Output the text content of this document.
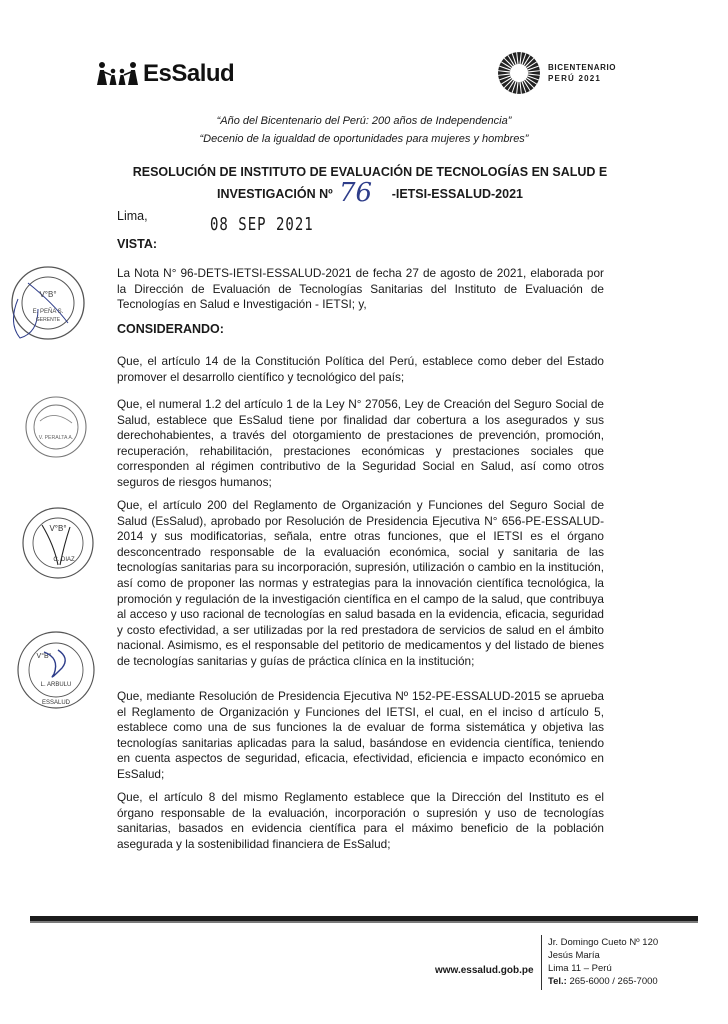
EsSalud	BICENTENARIO
PERÚ 2021
“Año del Bicentenario del Perú: 200 años de Independencia”
“Decenio de la igualdad de oportunidades para mujeres y hombres”
RESOLUCIÓN DE INSTITUTO DE EVALUACIÓN DE TECNOLOGÍAS EN SALUD E
INVESTIGACIÓN Nº	-IETSI-ESSALUD-2021
76
Lima,	08 SEP 2021
VISTA:
La Nota N° 96-DETS-IETSI-ESSALUD-2021 de fecha 27 de agosto de 2021, elaborada por la Dirección de Evaluación de Tecnologías Sanitarias del Instituto de Evaluación de Tecnologías en Salud e Investigación - IETSI; y,
CONSIDERANDO:
Que, el artículo 14 de la Constitución Política del Perú, establece como deber del Estado promover el desarrollo científico y tecnológico del país;
Que, el numeral 1.2 del artículo 1 de la Ley N° 27056, Ley de Creación del Seguro Social de Salud, establece que EsSalud tiene por finalidad dar cobertura a los asegurados y sus derechohabientes, a través del otorgamiento de prestaciones de prevención, promoción, recuperación, rehabilitación, prestaciones económicas y prestaciones sociales que corresponden al régimen contributivo de la Seguridad Social en Salud, así como otros seguros de riesgos humanos;
Que, el artículo 200 del Reglamento de Organización y Funciones del Seguro Social de Salud (EsSalud), aprobado por Resolución de Presidencia Ejecutiva N° 656-PE-ESSALUD-2014 y sus modificatorias, señala, entre otras funciones, que el IETSI es el órgano desconcentrado responsable de la evaluación económica, social y sanitaria de las tecnologías sanitarias para su incorporación, supresión, utilización o cambio en la institución, así como de proponer las normas y estrategias para la innovación científica tecnológica, la promoción y regulación de la investigación científica en el campo de la salud, que contribuya al acceso y uso racional de tecnologías en salud basada en la evidencia, eficacia, seguridad y costo efectividad, a ser utilizadas por la red prestadora de servicios de salud en el ámbito nacional. Asimismo, es el responsable del petitorio de medicamentos y del listado de bienes de tecnologías sanitarias y guías de práctica clínica en la institución;
Que, mediante Resolución de Presidencia Ejecutiva Nº 152-PE-ESSALUD-2015 se aprueba el Reglamento de Organización y Funciones del IETSI, el cual, en el inciso d artículo 5, establece como una de sus funciones la de evaluar de forma sistemática y objetiva las tecnologías sanitarias aplicadas para la salud, basándose en evidencia científica, teniendo en cuenta aspectos de seguridad, eficacia, efectividad, eficiencia e impacto económico en EsSalud;
Que, el artículo 8 del mismo Reglamento establece que la Dirección del Instituto es el órgano responsable de la evaluación, incorporación o supresión y uso de tecnologías sanitarias, basados en evidencia científica para el máximo beneficio de la población asegurada y la sostenibilidad financiera de EsSalud;
V°B°
E. PEÑA S.
GERENTE
V. PERALTA A.
V°B°
C. DIAZ
V°B°
L. ARBULU
ESSALUD
www.essalud.gob.pe
Jr. Domingo Cueto Nº 120
Jesús María
Lima 11 – Perú
Tel.: 265-6000 / 265-7000
